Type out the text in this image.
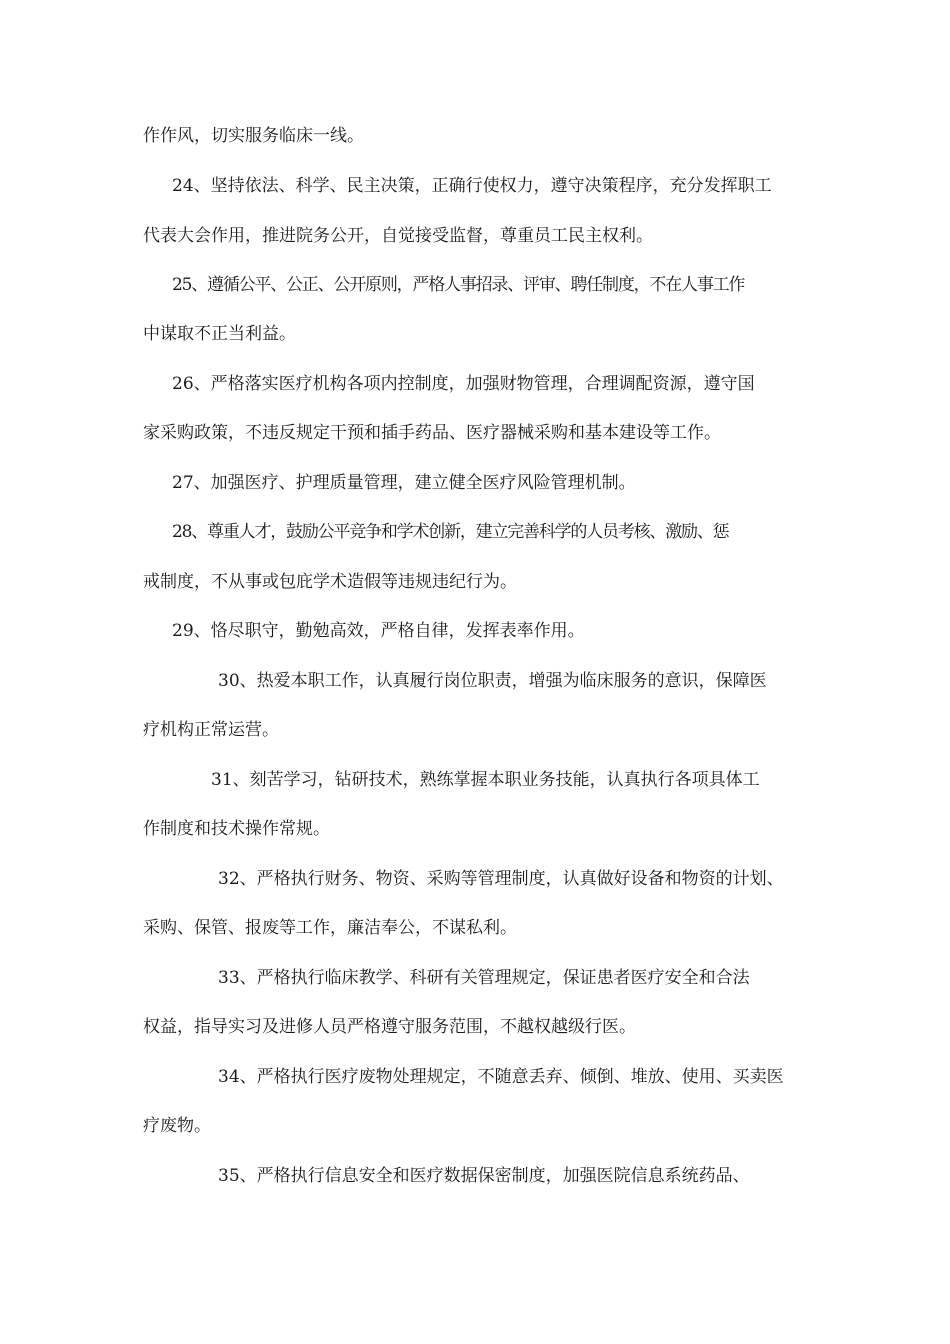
作作风，切实服务临床一线。
24、坚持依法、科学、民主决策，正确行使权力，遵守决策程序，充分发挥职工
代表大会作用，推进院务公开，自觉接受监督，尊重员工民主权利。
25、遵循公平、公正、公开原则，严格人事招录、评审、聘任制度，不在人事工作
中谋取不正当利益。
26、严格落实医疗机构各项内控制度，加强财物管理，合理调配资源，遵守国
家采购政策，不违反规定干预和插手药品、医疗器械采购和基本建设等工作。
27、加强医疗、护理质量管理，建立健全医疗风险管理机制。
28、尊重人才，鼓励公平竞争和学术创新，建立完善科学的人员考核、激励、惩
戒制度，不从事或包庇学术造假等违规违纪行为。
29、恪尽职守，勤勉高效，严格自律，发挥表率作用。
30、热爱本职工作，认真履行岗位职责，增强为临床服务的意识，保障医
疗机构正常运营。
31、刻苦学习，钻研技术，熟练掌握本职业务技能，认真执行各项具体工
作制度和技术操作常规。
32、严格执行财务、物资、采购等管理制度，认真做好设备和物资的计划、
采购、保管、报废等工作，廉洁奉公，不谋私利。
33、严格执行临床教学、科研有关管理规定，保证患者医疗安全和合法
权益，指导实习及进修人员严格遵守服务范围，不越权越级行医。
34、严格执行医疗废物处理规定，不随意丢弃、倾倒、堆放、使用、买卖医
疗废物。
35、严格执行信息安全和医疗数据保密制度，加强医院信息系统药品、
